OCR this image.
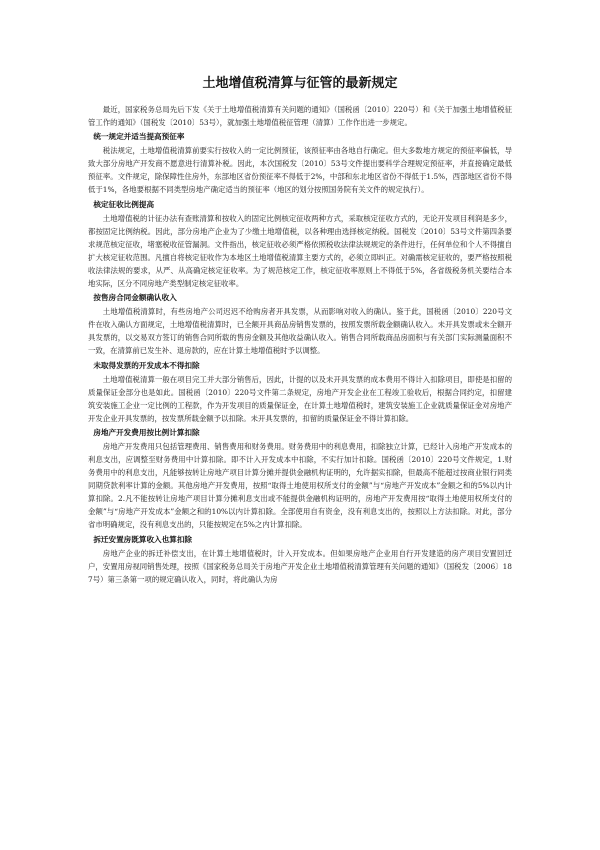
土地增值税清算与征管的最新规定

最近，国家税务总局先后下发《关于土地增值税清算有关问题的通知》（国税函〔2010〕220号）和《关于加强土地增值税征管工作的通知》（国税发〔2010〕53号），就加强土地增值税征管理（清算）工作作出进一步规定。

统一规定并适当提高预征率

税法规定，土地增值税清算前要实行按收入的一定比例预征，该预征率由各地自行确定。但大多数地方规定的预征率偏低，导致大部分房地产开发商不愿意进行清算补税。因此，本次国税发〔2010〕53号文件提出要科学合理规定预征率，并直接确定最低预征率。文件规定，除保障性住房外，东部地区省份预征率不得低于2%，中部和东北地区省份不得低于1.5%，西部地区省份不得低于1%，各地要根据不同类型房地产确定适当的预征率（地区的划分按照国务院有关文件的规定执行）。

核定征收比例提高

土地增值税的计征办法有查账清算和按收入的固定比例核定征收两种方式，采取核定征收方式的，无论开发项目利润是多少，都按固定比例纳税。因此，部分房地产企业为了少缴土地增值税，以各种理由选择核定纳税。国税发〔2010〕53号文件第四条要求规范核定征收，堵塞税收征管漏洞。文件指出，核定征收必须严格依照税收法律法规规定的条件进行，任何单位和个人不得擅自扩大核定征收范围。凡擅自将核定征收作为本地区土地增值税清算主要方式的，必须立即纠正。对确需核定征收的，要严格按照税收法律法规的要求，从严、从高确定核定征收率。为了规范核定工作，核定征收率原则上不得低于5%，各省级税务机关要结合本地实际，区分不同房地产类型制定核定征收率。

按售房合同金额确认收入

土地增值税清算时，有些房地产公司迟迟不给购房者开具发票，从而影响对收入的确认。鉴于此，国税函〔2010〕220号文件在收入确认方面规定，土地增值税清算时，已全额开具商品房销售发票的，按照发票所载金额确认收入。未开具发票或未全额开具发票的，以交易双方签订的销售合同所载的售房金额及其他收益确认收入。销售合同所载商品房面积与有关部门实际测量面积不一致，在清算前已发生补、退房款的，应在计算土地增值税时予以调整。

未取得发票的开发成本不得扣除

土地增值税清算一般在项目完工并大部分销售后，因此，计提的以及未开具发票的成本费用不得计入扣除项目，即使是扣留的质量保证金部分也是如此。国税函〔2010〕220号文件第二条规定，房地产开发企业在工程竣工验收后，根据合同约定，扣留建筑安装施工企业一定比例的工程款，作为开发项目的质量保证金，在计算土地增值税时，建筑安装施工企业就质量保证金对房地产开发企业开具发票的，按发票所载金额予以扣除。未开具发票的，扣留的质量保证金不得计算扣除。

房地产开发费用按比例计算扣除

房地产开发费用只包括管理费用、销售费用和财务费用。财务费用中的利息费用，扣除独立计算，已经计入房地产开发成本的利息支出，应调整至财务费用中计算扣除。即不计入开发成本中扣除，不实行加计扣除。国税函〔2010〕220号文件规定，1.财务费用中的利息支出，凡能够按转让房地产项目计算分摊并提供金融机构证明的，允许据实扣除，但最高不能超过按商业银行同类同期贷款利率计算的金额。其他房地产开发费用，按照“取得土地使用权所支付的金额”与“房地产开发成本”金额之和的5%以内计算扣除。2.凡不能按转让房地产项目计算分摊利息支出或不能提供金融机构证明的，房地产开发费用按“取得土地使用权所支付的金额”与“房地产开发成本”金额之和的10%以内计算扣除。全部使用自有资金，没有利息支出的，按照以上方法扣除。对此，部分省市明确规定，没有利息支出的，只能按规定在5%之内计算扣除。

拆迁安置房既算收入也算扣除

房地产企业的拆迁补偿支出，在计算土地增值税时，计入开发成本。但如果房地产企业用自行开发建造的房产项目安置回迁户，安置用房视同销售处理，按照《国家税务总局关于房地产开发企业土地增值税清算管理有关问题的通知》（国税发〔2006〕187号）第三条第一项的规定确认收入，同时，将此确认为房
